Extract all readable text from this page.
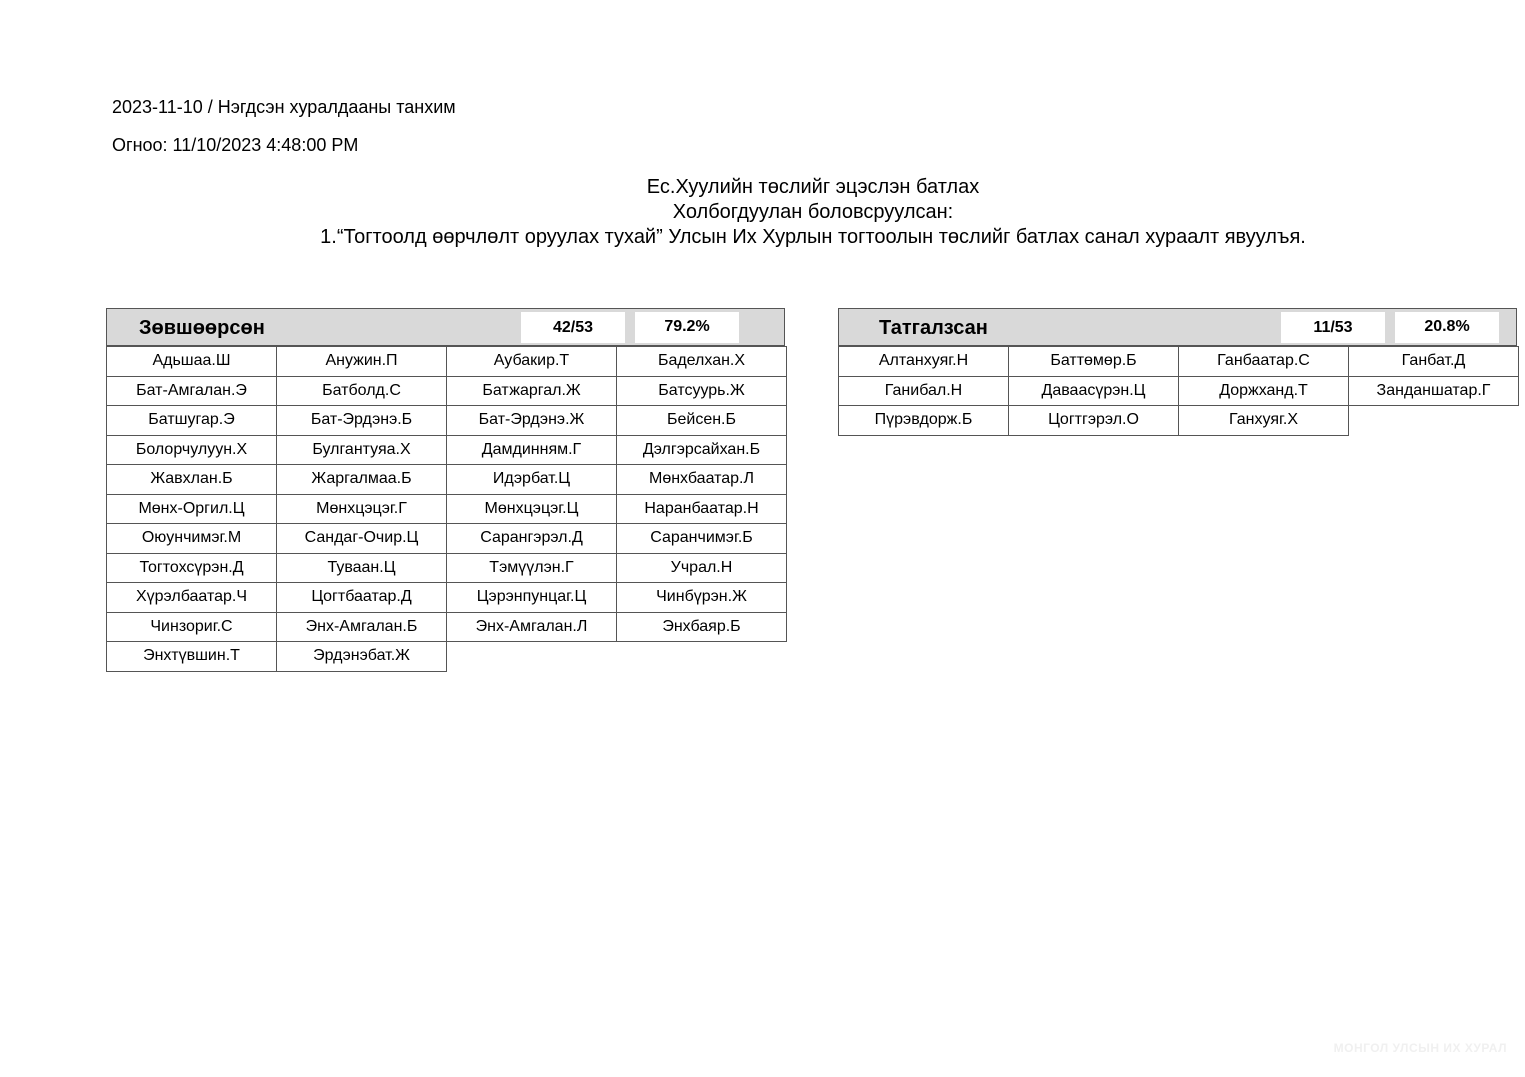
2023-11-10 / Нэгдсэн хуралдааны танхим
Огноо: 11/10/2023 4:48:00 PM
Ес.Хуулийн төслийг эцэслэн батлах
Холбогдуулан боловсруулсан:
1.“Тогтоолд өөрчлөлт оруулах тухай” Улсын Их Хурлын тогтоолын төслийг батлах санал хураалт явуулъя.
Зөвшөөрсөн	42/53	79.2%
Адьшаа.Ш	Анужин.П	Аубакир.Т	Баделхан.Х
Бат-Амгалан.Э	Батболд.С	Батжаргал.Ж	Батсуурь.Ж
Батшугар.Э	Бат-Эрдэнэ.Б	Бат-Эрдэнэ.Ж	Бейсен.Б
Болорчулуун.Х	Булгантуяа.Х	Дамдинням.Г	Дэлгэрсайхан.Б
Жавхлан.Б	Жаргалмаа.Б	Идэрбат.Ц	Мөнхбаатар.Л
Мөнх-Оргил.Ц	Мөнхцэцэг.Г	Мөнхцэцэг.Ц	Наранбаатар.Н
Оюунчимэг.М	Сандаг-Очир.Ц	Сарангэрэл.Д	Саранчимэг.Б
Тогтохсүрэн.Д	Туваан.Ц	Тэмүүлэн.Г	Учрал.Н
Хүрэлбаатар.Ч	Цогтбаатар.Д	Цэрэнпунцаг.Ц	Чинбүрэн.Ж
Чинзориг.С	Энх-Амгалан.Б	Энх-Амгалан.Л	Энхбаяр.Б
Энхтүвшин.Т	Эрдэнэбат.Ж
Татгалзсан	11/53	20.8%
Алтанхуяг.Н	Баттөмөр.Б	Ганбаатар.С	Ганбат.Д
Ганибал.Н	Даваасүрэн.Ц	Доржханд.Т	Занданшатар.Г
Пүрэвдорж.Б	Цогтгэрэл.О	Ганхуяг.Х
МОНГОЛ УЛСЫН ИХ ХУРАЛ
